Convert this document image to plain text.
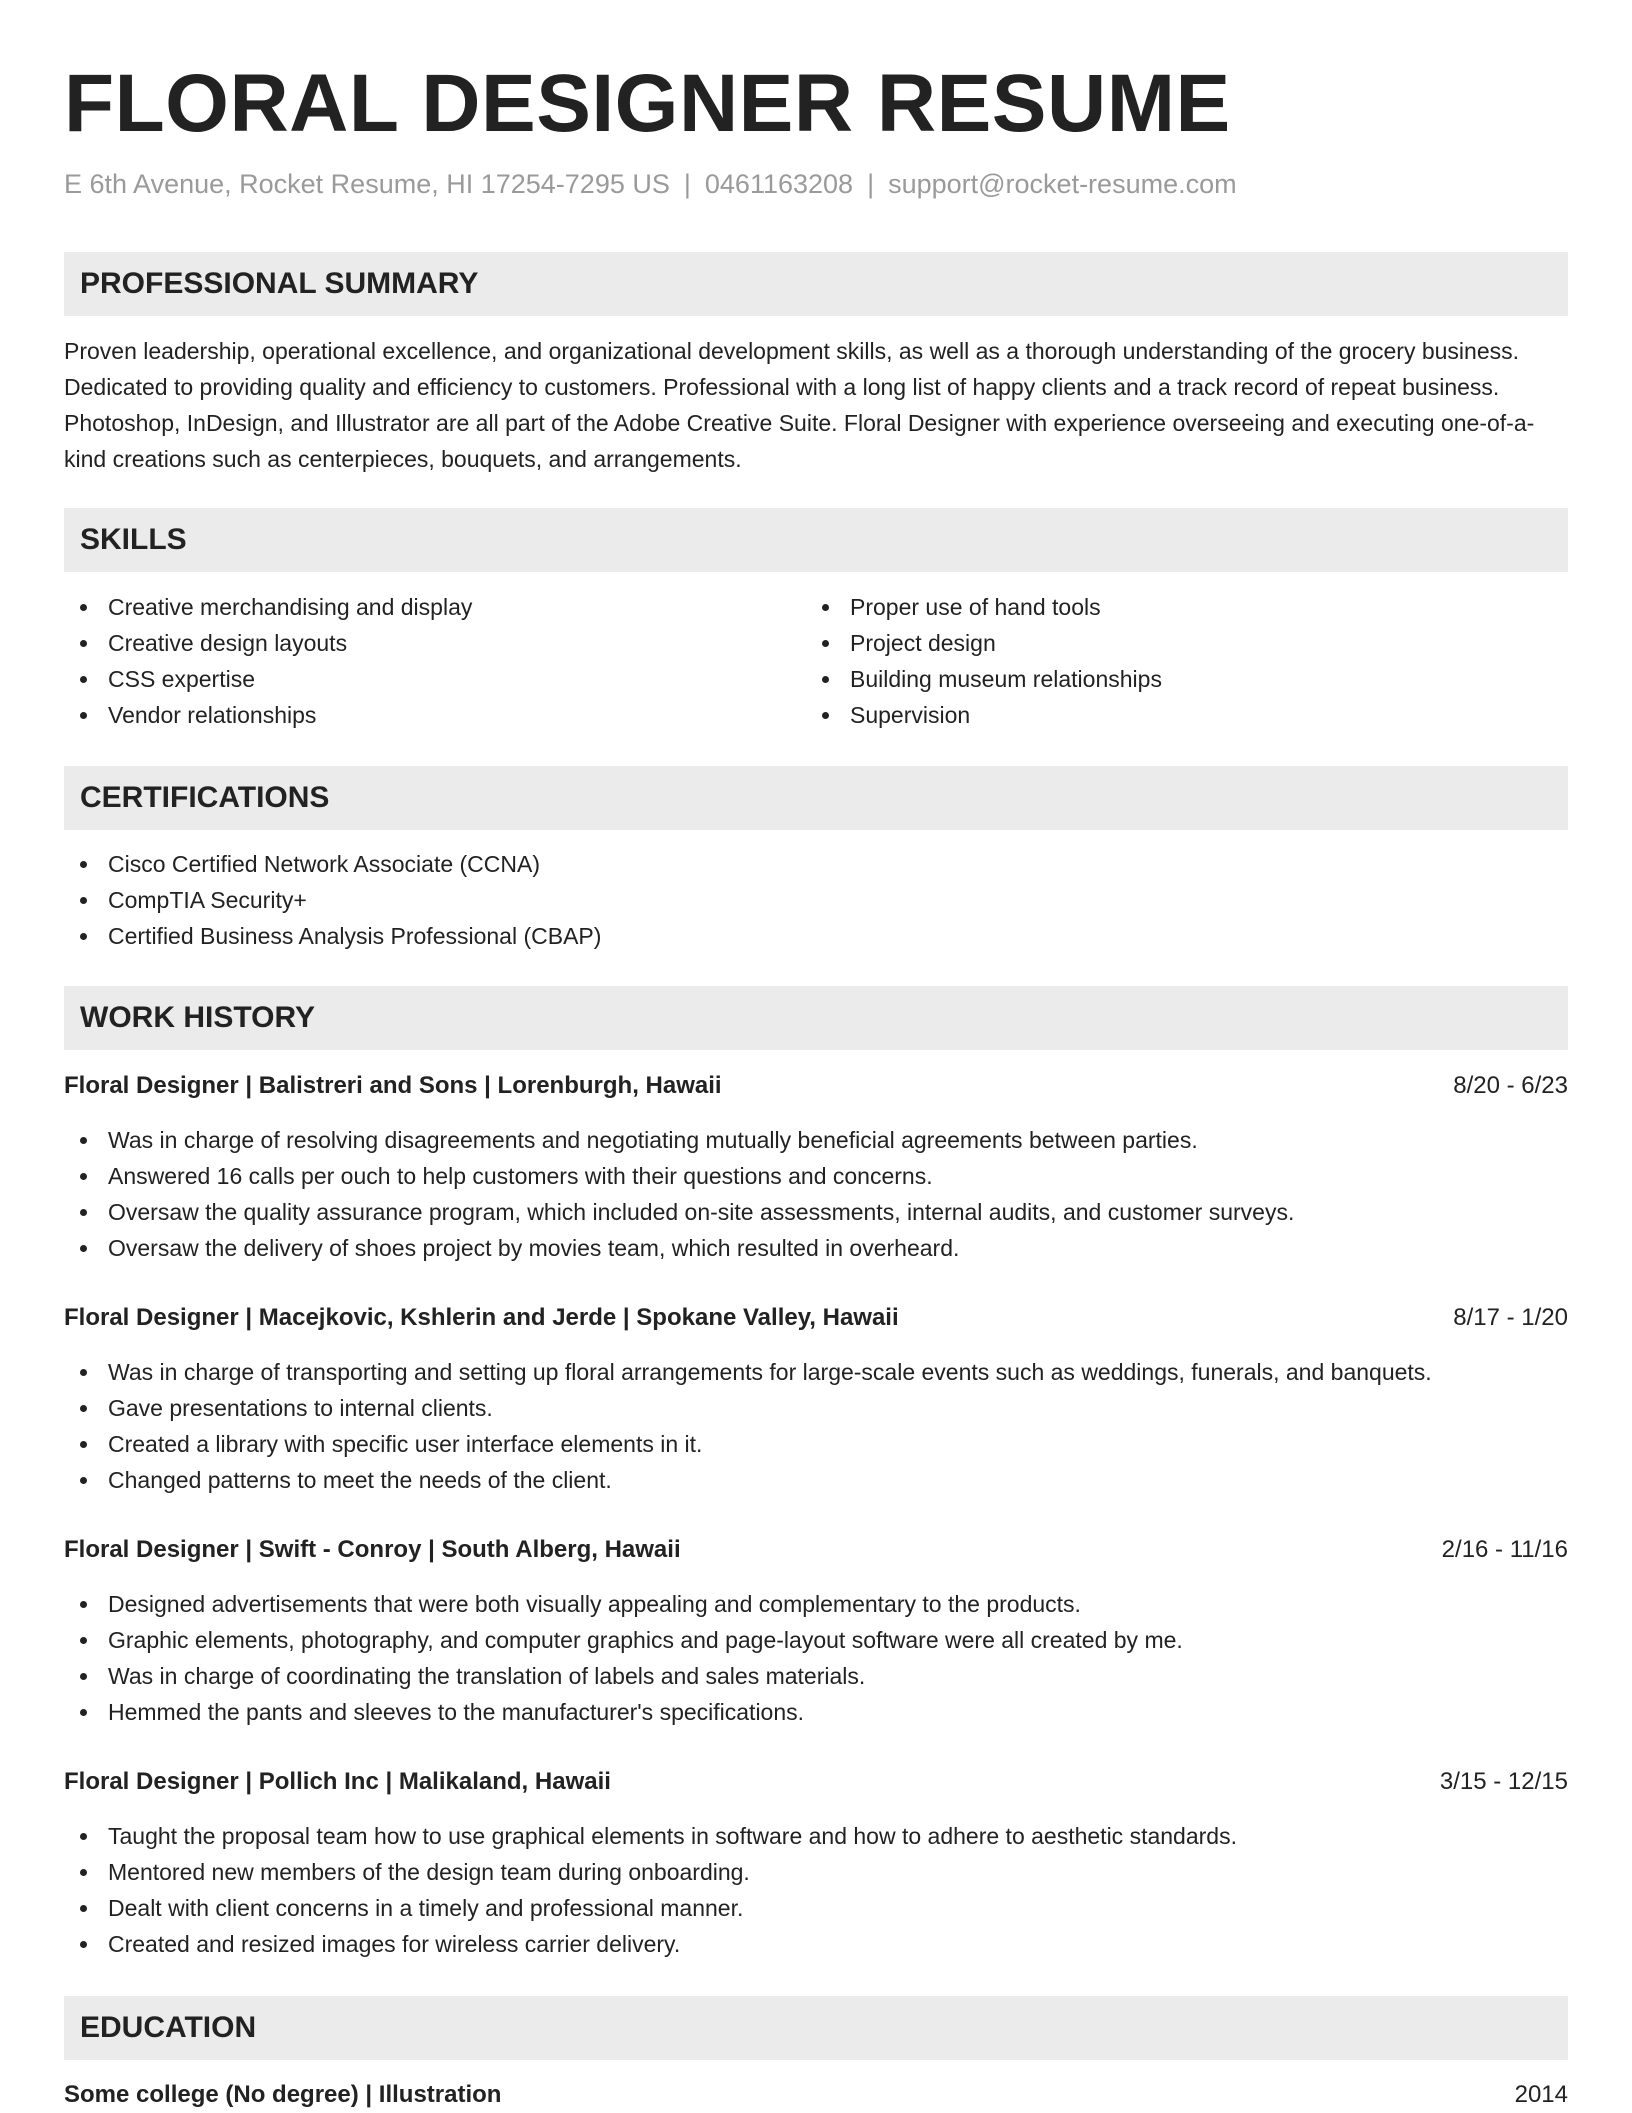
FLORAL DESIGNER RESUME
E 6th Avenue, Rocket Resume, HI 17254-7295 US | 0461163208 | support@rocket-resume.com
PROFESSIONAL SUMMARY

Proven leadership, operational excellence, and organizational development skills, as well as a thorough understanding of the grocery business. Dedicated to providing quality and efficiency to customers. Professional with a long list of happy clients and a track record of repeat business. Photoshop, InDesign, and Illustrator are all part of the Adobe Creative Suite. Floral Designer with experience overseeing and executing one-of-a-kind creations such as centerpieces, bouquets, and arrangements.

SKILLS
Creative merchandising and display
Creative design layouts
CSS expertise
Vendor relationships
Proper use of hand tools
Project design
Building museum relationships
Supervision
CERTIFICATIONS
Cisco Certified Network Associate (CCNA)
CompTIA Security+
Certified Business Analysis Professional (CBAP)
WORK HISTORY
Floral Designer | Balistreri and Sons | Lorenburgh, Hawaii	8/20 - 6/23
Was in charge of resolving disagreements and negotiating mutually beneficial agreements between parties.
Answered 16 calls per ouch to help customers with their questions and concerns.
Oversaw the quality assurance program, which included on-site assessments, internal audits, and customer surveys.
Oversaw the delivery of shoes project by movies team, which resulted in overheard.
Floral Designer | Macejkovic, Kshlerin and Jerde | Spokane Valley, Hawaii	8/17 - 1/20
Was in charge of transporting and setting up floral arrangements for large-scale events such as weddings, funerals, and banquets.
Gave presentations to internal clients.
Created a library with specific user interface elements in it.
Changed patterns to meet the needs of the client.
Floral Designer | Swift - Conroy | South Alberg, Hawaii	2/16 - 11/16
Designed advertisements that were both visually appealing and complementary to the products.
Graphic elements, photography, and computer graphics and page-layout software were all created by me.
Was in charge of coordinating the translation of labels and sales materials.
Hemmed the pants and sleeves to the manufacturer's specifications.
Floral Designer | Pollich Inc | Malikaland, Hawaii	3/15 - 12/15
Taught the proposal team how to use graphical elements in software and how to adhere to aesthetic standards.
Mentored new members of the design team during onboarding.
Dealt with client concerns in a timely and professional manner.
Created and resized images for wireless carrier delivery.
EDUCATION
Some college (No degree) | Illustration	2014
